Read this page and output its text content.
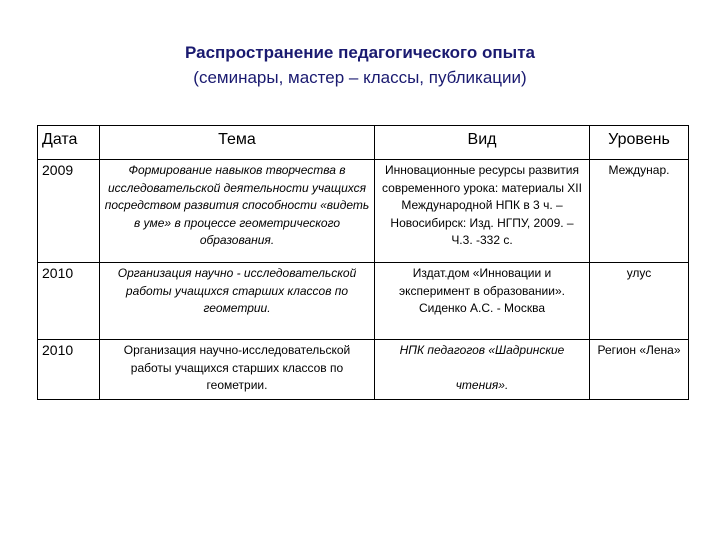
Распространение педагогического опыта
(семинары, мастер – классы, публикации)
Дата	Тема	Вид	Уровень
2009	Формирование навыков творчества в исследовательской деятельности учащихся посредством развития способности «видеть в уме» в процессе геометрического образования.	Инновационные ресурсы развития современного урока: материалы XII Международной НПК в 3 ч. – Новосибирск: Изд. НГПУ, 2009. – Ч.3. -332 с.	Междунар.
2010	Организация научно - исследовательской работы учащихся старших классов по геометрии.	Издат.дом «Инновации и эксперимент в образовании». Сиденко А.С. - Москва	улус
2010	Организация научно-исследовательской работы учащихся старших классов по геометрии.	НПК педагогов «Шадринские
чтения».	Регион «Лена»
